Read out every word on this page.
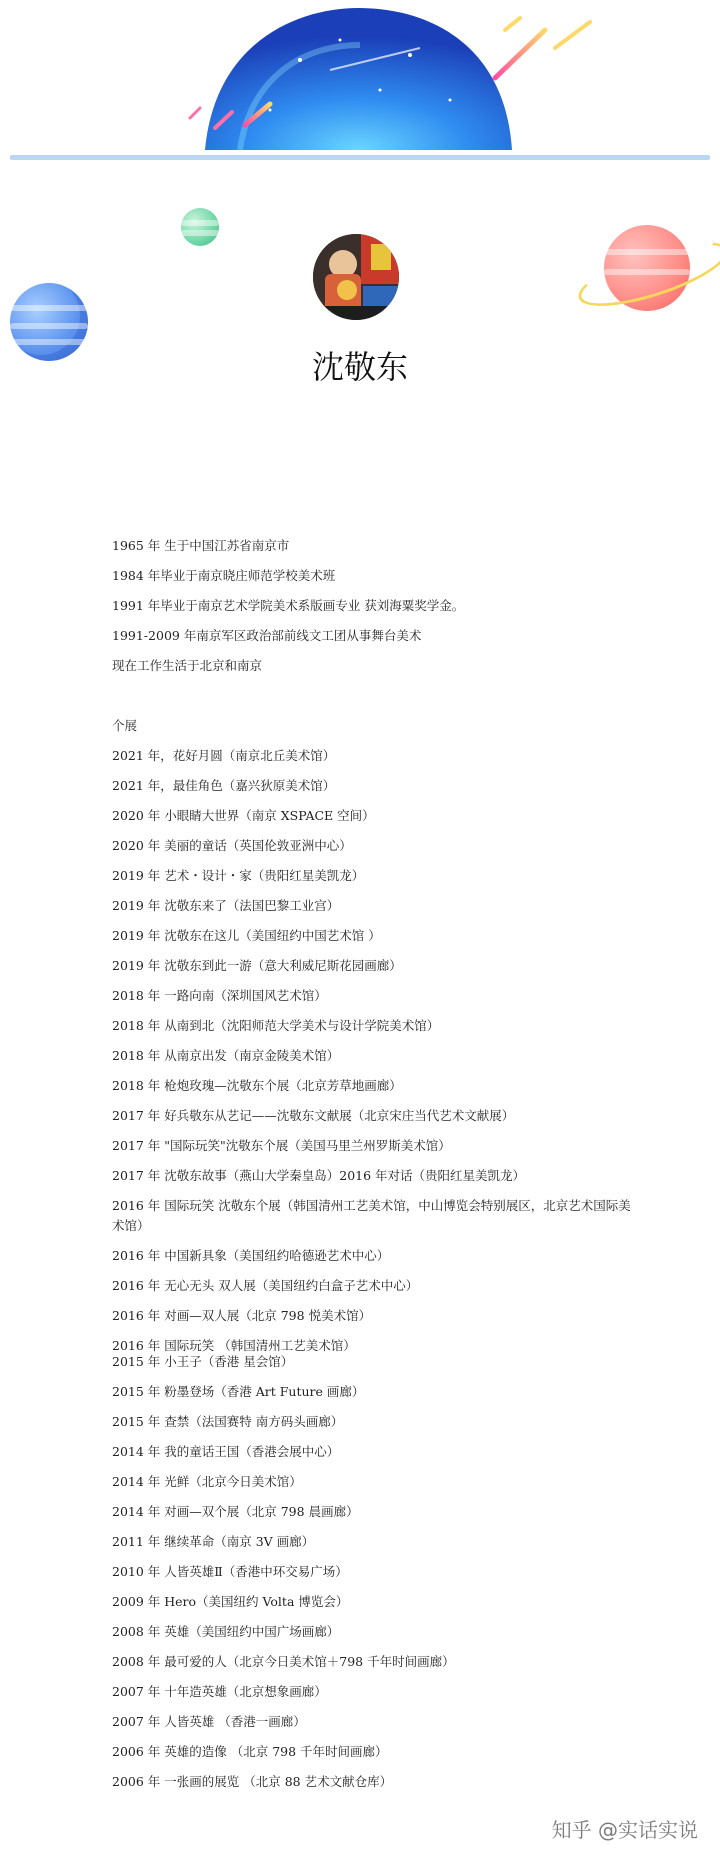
沈敬东
1965 年 生于中国江苏省南京市
1984 年毕业于南京晓庄师范学校美术班
1991 年毕业于南京艺术学院美术系版画专业 获刘海粟奖学金。
1991-2009 年南京军区政治部前线文工团从事舞台美术
现在工作生活于北京和南京
个展
2021 年，花好月圆（南京北丘美术馆）
2021 年，最佳角色（嘉兴狄原美术馆）
2020 年 小眼睛大世界（南京 XSPACE 空间）
2020 年 美丽的童话（英国伦敦亚洲中心）
2019 年 艺术・设计・家（贵阳红星美凯龙）
2019 年 沈敬东来了（法国巴黎工业宫）
2019 年 沈敬东在这儿（美国纽约中国艺术馆 ）
2019 年 沈敬东到此一游（意大利威尼斯花园画廊）
2018 年 一路向南（深圳国风艺术馆）
2018 年 从南到北（沈阳师范大学美术与设计学院美术馆）
2018 年 从南京出发（南京金陵美术馆）
2018 年 枪炮玫瑰—沈敬东个展（北京芳草地画廊）
2017 年 好兵敬东从艺记——沈敬东文献展（北京宋庄当代艺术文献展）
2017 年 "国际玩笑"沈敬东个展（美国马里兰州罗斯美术馆）
2017 年 沈敬东故事（燕山大学秦皇岛）2016 年对话（贵阳红星美凯龙）
2016 年 国际玩笑 沈敬东个展（韩国清州工艺美术馆，中山博览会特别展区，北京艺术国际美术馆）
2016 年 中国新具象（美国纽约哈德逊艺术中心）
2016 年 无心无头 双人展（美国纽约白盒子艺术中心）
2016 年 对画—双人展（北京 798 悦美术馆）
2016 年 国际玩笑 （韩国清州工艺美术馆）
2015 年 小王子（香港 星会馆）
2015 年 粉墨登场（香港 Art Future 画廊）
2015 年 查禁（法国赛特 南方码头画廊）
2014 年 我的童话王国（香港会展中心）
2014 年 光鲜（北京今日美术馆）
2014 年 对画—双个展（北京 798 晨画廊）
2011 年 继续革命（南京 3V 画廊）
2010 年 人皆英雄Ⅱ（香港中环交易广场）
2009 年 Hero（美国纽约 Volta 博览会）
2008 年 英雄（美国纽约中国广场画廊）
2008 年 最可爱的人（北京今日美术馆＋798 千年时间画廊）
2007 年 十年造英雄（北京想象画廊）
2007 年 人皆英雄 （香港一画廊）
2006 年 英雄的造像 （北京 798 千年时间画廊）
2006 年 一张画的展览 （北京 88 艺术文献仓库）
知乎 @实话实说
